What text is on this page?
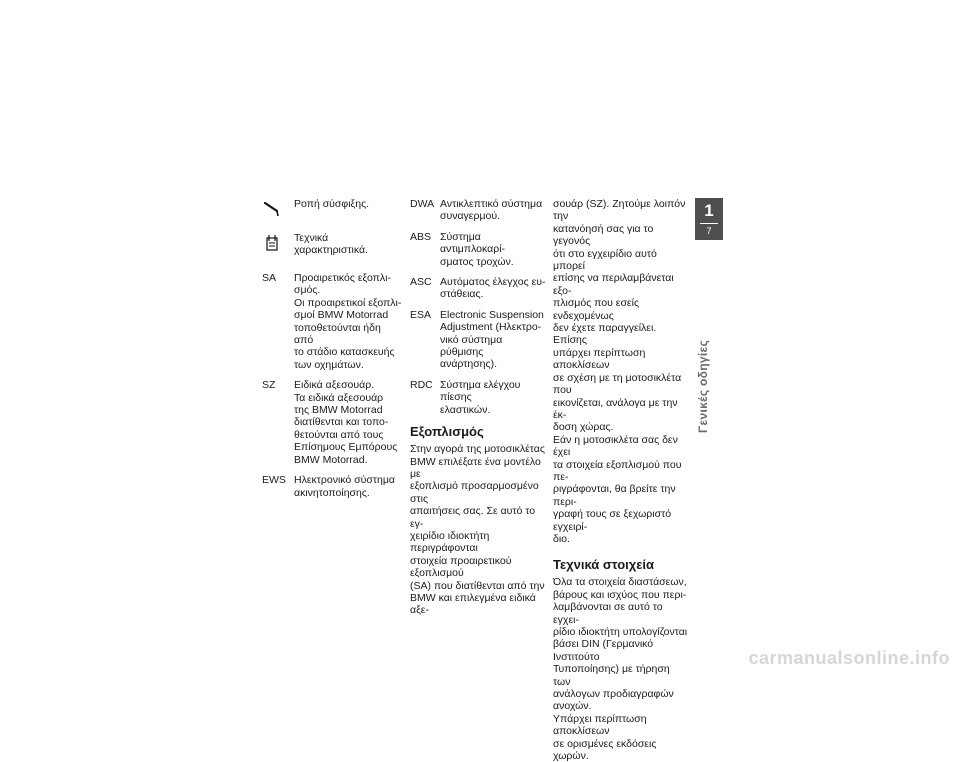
Ροπή σύσφιξης.
Τεχνικά χαρακτηριστικά.
SA Προαιρετικός εξοπλι-
σμός.
Οι προαιρετικοί εξοπλι-
σμοί BMW Motorrad
τοποθετούνται ήδη από
το στάδιο κατασκευής
των οχημάτων.
SZ Ειδικά αξεσουάρ.
Τα ειδικά αξεσουάρ
της BMW Motorrad
διατίθενται και τοπο-
θετούνται από τους
Επίσημους Εμπόρους
BMW Motorrad.
EWS Ηλεκτρονικό σύστημα
ακινητοποίησης.
DWA Αντικλεπτικό σύστημα
συναγερμού.
ABS Σύστημα αντιμπλοκαρί-
σματος τροχών.
ASC Αυτόματος έλεγχος ευ-
στάθειας.
ESA Electronic Suspension
Adjustment (Ηλεκτρο-
νικό σύστημα ρύθμισης
ανάρτησης).
RDC Σύστημα ελέγχου πίεσης
ελαστικών.
Εξοπλισμός
Στην αγορά της μοτοσικλέτας
BMW επιλέξατε ένα μοντέλο με
εξοπλισμό προσαρμοσμένο στις
απαιτήσεις σας. Σε αυτό το εγ-
χειρίδιο ιδιοκτήτη περιγράφονται
στοιχεία προαιρετικού εξοπλισμού
(SA) που διατίθενται από την
BMW και επιλεγμένα ειδικά αξε-
σουάρ (SZ). Ζητούμε λοιπόν την
κατανόησή σας για το γεγονός
ότι στο εγχειρίδιο αυτό μπορεί
επίσης να περιλαμβάνεται εξο-
πλισμός που εσείς ενδεχομένως
δεν έχετε παραγγείλει. Επίσης
υπάρχει περίπτωση αποκλίσεων
σε σχέση με τη μοτοσικλέτα που
εικονίζεται, ανάλογα με την έκ-
δοση χώρας.
Εάν η μοτοσικλέτα σας δεν έχει
τα στοιχεία εξοπλισμού που πε-
ριγράφονται, θα βρείτε την περι-
γραφή τους σε ξεχωριστό εγχειρί-
διο.
Τεχνικά στοιχεία
Όλα τα στοιχεία διαστάσεων,
βάρους και ισχύος που περι-
λαμβάνονται σε αυτό το εγχει-
ρίδιο ιδιοκτήτη υπολογίζονται
βάσει DIN (Γερμανικό Ινστιτούτο
Τυποποίησης) με τήρηση των
ανάλογων προδιαγραφών ανοχών.
Υπάρχει περίπτωση αποκλίσεων
σε ορισμένες εκδόσεις χωρών.
1
7
Γενικές οδηγίες
carmanualsonline.info
